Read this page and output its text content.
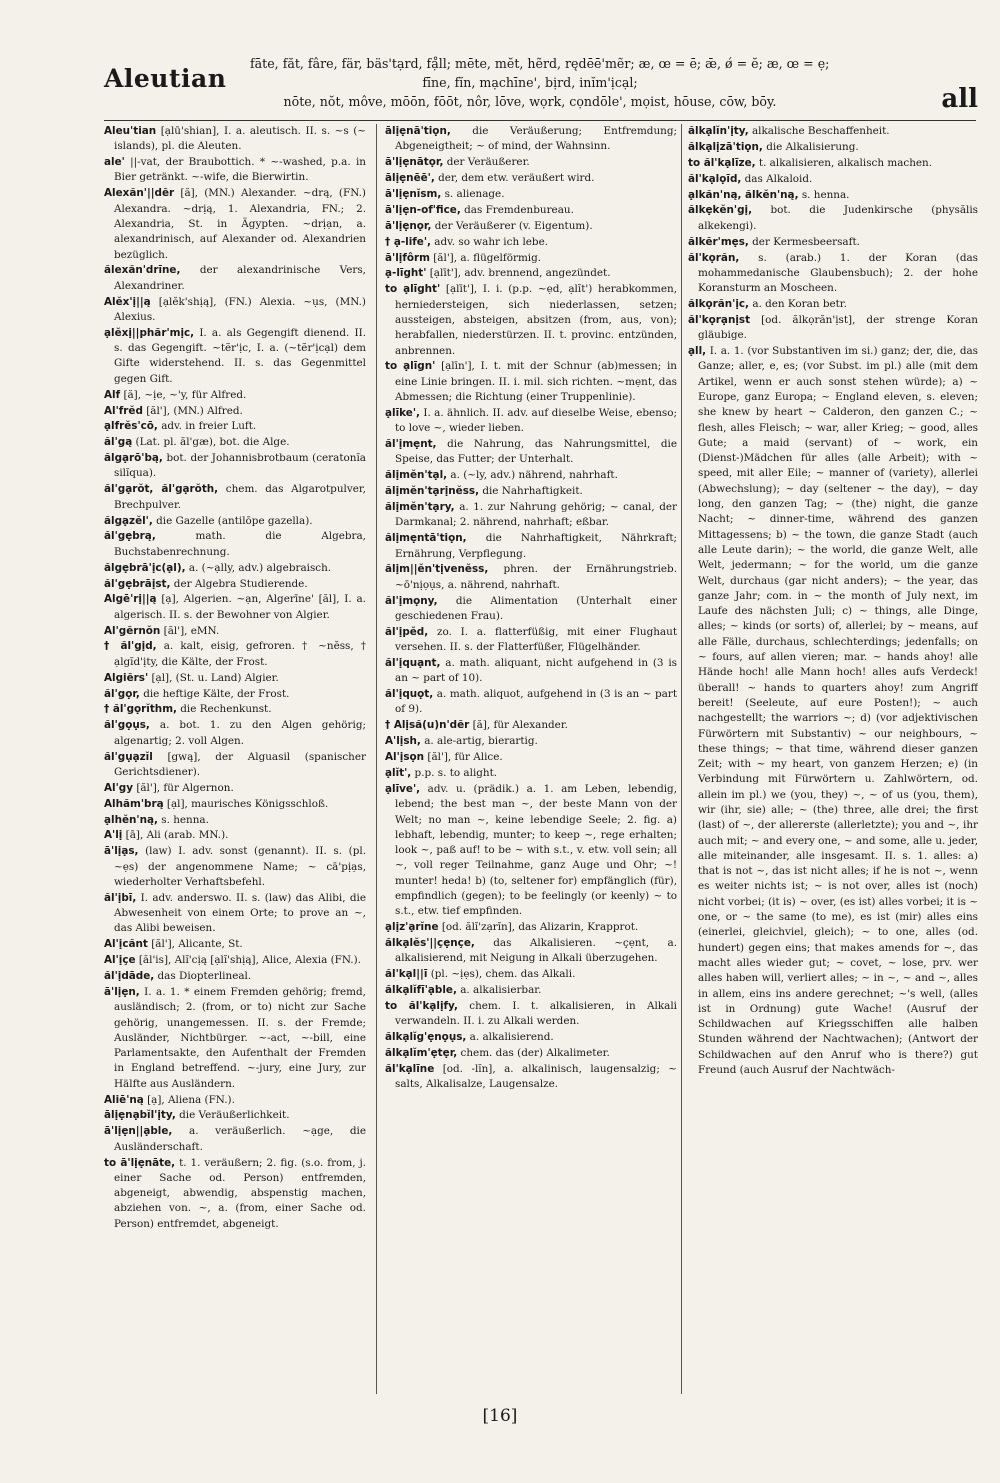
Aleutian
fāte, făt, fâre, fär, bäs'tạrd, fạ̊ll; mēte, mĕt, hẽrd, rędēē'mẽr; æ, œ = ē; ǣ, ǿ = ĕ; æ, œ = ẹ;
fīne, fĭn, mạchīne', bịrd, inĭm'ịcạl;
nōte, nŏt, môve, mōōn, fōōt, nôr, lōve, wọrk, cọndōle', mọist, hōuse, cōw, bōy.	all

Aleu'tian [ạlū'shian], I. a. aleutisch. II. s. ~s (~ islands), pl. die Aleuten.

ale' ||-vat, der Braubottich. * ~-washed, p.a. in Bier getränkt. ~-wife, die Bierwirtin.

Alexăn'||dẽr [ă], (MN.) Alexander. ~drą, (FN.) Alexandra. ~drịą, 1. Alexandria, FN.; 2. Alexandria, St. in Ägypten. ~drịạn, a. alexandrinisch, auf Alexander od. Alexandrien bezüglich.

ălexăn'drīne, der alexandrinische Vers, Alexandriner.

Alĕx'ị||ą [ạlĕk'shịą], (FN.) Alexia. ~ụs, (MN.) Alexius.

ạlĕxị||phăr'mịc, I. a. als Gegengift dienend. II. s. das Gegengift. ~tẽr'ịc, I. a. (~tẽr'ịcạl) dem Gifte widerstehend. II. s. das Gegenmittel gegen Gift.

Alf [ă], ~ịe, ~'y, für Alfred.

Al'frĕd [ăl'], (MN.) Alfred.

ạlfrĕs'cō, adv. in freier Luft.

ăl'gą (Lat. pl. ăl'gæ), bot. die Alge.

ălgạrō'bą, bot. der Johannisbrotbaum (ceratonĭa silĭqua).

ăl'gạrŏt, ăl'gạrŏth, chem. das Algarotpulver, Brechpulver.

ălgạzĕl', die Gazelle (antilōpe gazella).

ăl'gẹbrą,	math. die Algebra, Buchstabenrechnung.

ălgẹbrā'ịc(ạl), a. (~ạlly, adv.) algebraisch.

ăl'gẹbrāịst, der Algebra Studierende.

Algē'rị||ą [ạ], Algerien. ~ạn, Algerīne' [ăl], I. a. algerisch. II. s. der Bewohner von Algier.

Al'gẽrnŏn [ăl'], eMN.

† ăl'gịd, a. kalt, eisig, gefroren. † ~nĕss, † ạlgĭd'ịty, die Kälte, der Frost.

Algiẽrs' [ạl], (St. u. Land) Algier.

ăl'gọr, die heftige Kälte, der Frost.

† ăl'gọrĭthm, die Rechenkunst.

ăl'gọụs, a. bot. 1. zu den Algen gehörig; algenartig; 2. voll Algen.

ăl'gụạzĭl [gwą], der Alguasil (spanischer Gerichtsdiener).

Al'gy [ăl'], für Algernon.

Alhăm'brą [ạl], maurisches Königsschloß.

ạlhĕn'ną, s. henna.

A'lị [ā], Ali (arab. MN.).

ā'lịạs, (law) I. adv. sonst (genannt). II. s. (pl. ~ẹs) der angenommene Name; ~ cā'pịạs, wiederholter Verhaftsbefehl.

ăl'ịbī, I. adv. anderswo. II. s. (law) das Alibi, die Abwesenheit von einem Orte; to prove an ~, das Alibi beweisen.

Al'ịcănt [ăl'], Alicante, St.

Al'ịçe [ăl'is], Alĭ'cịą [ạlĭ'shịą], Alice, Alexia (FN.).

ăl'ịdāde, das Diopterlineal.

ā'lịẹn, I. a. 1. * einem Fremden gehörig; fremd, ausländisch; 2. (from, or to) nicht zur Sache gehörig, unangemessen. II. s. der Fremde; Ausländer, Nichtbürger. ~-act, ~-bill, eine Parlamentsakte, den Aufenthalt der Fremden in England betreffend. ~-jury, eine Jury, zur Hälfte aus Ausländern.

Aliē'ną [ạ], Aliena (FN.).

ālịẹnạbĭl'ịty, die Veräußerlichkeit.

ā'lịẹn||ạble, a. veräußerlich. ~ạge, die Ausländerschaft.

to ā'lịẹnāte, t. 1. veräußern; 2. fig. (s.o. from, j. einer Sache od. Person) entfremden, abgeneigt, abwendig, abspenstig machen, abziehen von. ~, a. (from, einer Sache od. Person) entfremdet, abgeneigt.

ālịẹnā'tiọn, die Veräußerung; Entfremdung; Abgeneigtheit; ~ of mind, der Wahnsinn.

ā'lịẹnātọr, der Veräußerer.

ālịẹnēē', der, dem etw. veräußert wird.

ā'lịẹnĭsm, s. alienage.

ā'lịẹn-of'fice, das Fremdenbureau.

ā'lịẹnọr, der Veräußerer (v. Eigentum).

† ạ-life', adv. so wahr ich lebe.

ā'lịfôrm [ăl'], a. flügelförmig.

ạ-līght' [ạlīt'], adv. brennend, angezündet.

to ạlīght' [ạlīt'], I. i. (p.p. ~ẹd, ạlĭt') herabkommen, herniedersteigen, sich niederlassen, setzen; aussteigen, absteigen, absitzen (from, aus, von); herabfallen, niederstürzen. II. t. provinc. entzünden, anbrennen.

to ạlīgn' [ạlīn'], I. t. mit der Schnur (ab)messen; in eine Linie bringen. II. i. mil. sich richten. ~mẹnt, das Abmessen; die Richtung (einer Truppenlinie).

ạlīke', I. a. ähnlich. II. adv. auf dieselbe Weise, ebenso; to love ~, wieder lieben.

ăl'ịmẹnt, die Nahrung, das Nahrungsmittel, die Speise, das Futter; der Unterhalt.

ălịmĕn'tạl, a. (~ly, adv.) nährend, nahrhaft.

ălịmĕn'tạrịnĕss, die Nahrhaftigkeit.

ălịmĕn'tạry, a. 1. zur Nahrung gehörig; ~ canal, der Darmkanal; 2. nährend, nahrhaft; eßbar.

ălịmẹntā'tiọn, die Nahrhaftigkeit, Nährkraft; Ernährung, Verpflegung.

ălịm||ĕn'tịvenĕss, phren. der Ernährungstrieb. ~ō'nịọụs, a. nährend, nahrhaft.

ăl'ịmọny, die Alimentation (Unterhalt einer geschiedenen Frau).

ăl'ịpĕd, zo. I. a. flatterfüßig, mit einer Flughaut versehen. II. s. der Flatterfüßer, Flügelhänder.

ăl'ịquạnt, a. math. aliquant, nicht aufgehend in (3 is an ~ part of 10).

ăl'ịquọt, a. math. aliquot, aufgehend in (3 is an ~ part of 9).

† Alịsă(u)n'dẽr [ă], für Alexander.

A'lịsh, a. ale-artig, bierartig.

Al'ịsọn [ăl'], für Alice.

ạlĭt', p.p. s. to alight.

ạlīve', adv. u. (prädik.) a. 1. am Leben, lebendig, lebend; the best man ~, der beste Mann von der Welt; no man ~, keine lebendige Seele; 2. fig. a) lebhaft, lebendig, munter; to keep ~, rege erhalten; look ~, paß auf! to be ~ with s.t., v. etw. voll sein; all ~, voll reger Teilnahme, ganz Auge und Ohr; ~! munter! heda! b) (to, seltener for) empfänglich (für), empfindlich (gegen); to be feelingly (or keenly) ~ to s.t., etw. tief empfinden.

ạlịz'ạrĭne [od. ălĭ'zạrĭn], das Alizarin, Krapprot.

ălkạlĕs'||çẹnçe, das Alkalisieren. ~çẹnt, a. alkalisierend, mit Neigung in Alkali überzugehen.

ăl'kạl||ī (pl. ~ịẹs), chem. das Alkali.

ălkạlĭfī'ạble, a. alkalisierbar.

to ăl'kạlịfy, chem. I. t. alkalisieren, in Alkali verwandeln. II. i. zu Alkali werden.

ălkạlĭg'ẹnọụs, a. alkalisierend.

ălkạlĭm'ẹtẹr, chem. das (der) Alkalimeter.

ăl'kạlīne [od. -lĭn], a. alkalinisch, laugensalzig; ~ salts, Alkalisalze, Laugensalze.

ălkạlĭn'ịty, alkalische Beschaffenheit.

ălkạlịzā'tiọn, die Alkalisierung.

to ăl'kạlīze, t. alkalisieren, alkalisch machen.

ăl'kạlọīd, das Alkaloid.

ạlkăn'ną, ălkĕn'ną, s. henna.

ălkẹkĕn'gị, bot. die Judenkirsche (physălis alkekengi).

ălkẽr'mẹs, der Kermesbeersaft.

ăl'kọrăn, s. (arab.) 1. der Koran (das mohammedanische Glaubensbuch); 2. der hohe Koransturm an Moscheen.

ălkọrăn'ịc, a. den Koran betr.

ăl'kọrạnịst [od. ălkọrăn'ịst], der strenge Koran gläubige.

ạll, I. a. 1. (vor Substantiven im si.) ganz; der, die, das Ganze; aller, e, es; (vor Subst. im pl.) alle (mit dem Artikel, wenn er auch sonst stehen würde); a) ~ Europe, ganz Europa; ~ England eleven, s. eleven; she knew by heart ~ Calderon, den ganzen C.; ~ flesh, alles Fleisch; ~ war, aller Krieg; ~ good, alles Gute; a maid (servant) of ~ work, ein (Dienst-)Mädchen für alles (alle Arbeit); with ~ speed, mit aller Eile; ~ manner of (variety), allerlei (Abwechslung); ~ day (seltener ~ the day), ~ day long, den ganzen Tag; ~ (the) night, die ganze Nacht; ~ dinner-time, während des ganzen Mittagessens; b) ~ the town, die ganze Stadt (auch alle Leute darin); ~ the world, die ganze Welt, alle Welt, jedermann; ~ for the world, um die ganze Welt, durchaus (gar nicht anders); ~ the year, das ganze Jahr; com. in ~ the month of July next, im Laufe des nächsten Juli; c) ~ things, alle Dinge, alles; ~ kinds (or sorts) of, allerlei; by ~ means, auf alle Fälle, durchaus, schlechterdings; jedenfalls; on ~ fours, auf allen vieren; mar. ~ hands ahoy! alle Hände hoch! alle Mann hoch! alles aufs Verdeck! überall! ~ hands to quarters ahoy! zum Angriff bereit! (Seeleute, auf eure Posten!); ~ auch nachgestellt; the warriors ~; d) (vor adjektivischen Fürwörtern mit Substantiv) ~ our neighbours, ~ these things; ~ that time, während dieser ganzen Zeit; with ~ my heart, von ganzem Herzen; e) (in Verbindung mit Fürwörtern u. Zahlwörtern, od. allein im pl.) we (you, they) ~, ~ of us (you, them), wir (ihr, sie) alle; ~ (the) three, alle drei; the first (last) of ~, der allererste (allerletzte); you and ~, ihr auch mit; ~ and every one, ~ and some, alle u. jeder, alle miteinander, alle insgesamt. II. s. 1. alles: a) that is not ~, das ist nicht alles; if he is not ~, wenn es weiter nichts ist; ~ is not over, alles ist (noch) nicht vorbei; (it is) ~ over, (es ist) alles vorbei; it is ~ one, or ~ the same (to me), es ist (mir) alles eins (einerlei, gleichviel, gleich); ~ to one, alles (od. hundert) gegen eins; that makes amends for ~, das macht alles wieder gut; ~ covet, ~ lose, prv. wer alles haben will, verliert alles; ~ in ~, ~ and ~, alles in allem, eins ins andere gerechnet; ~'s well, (alles ist in Ordnung) gute Wache! (Ausruf der Schildwachen auf Kriegsschiffen alle halben Stunden während der Nachtwachen); (Antwort der Schildwachen auf den Anruf who is there?) gut Freund (auch Ausruf der Nachtwäch-

[16]
